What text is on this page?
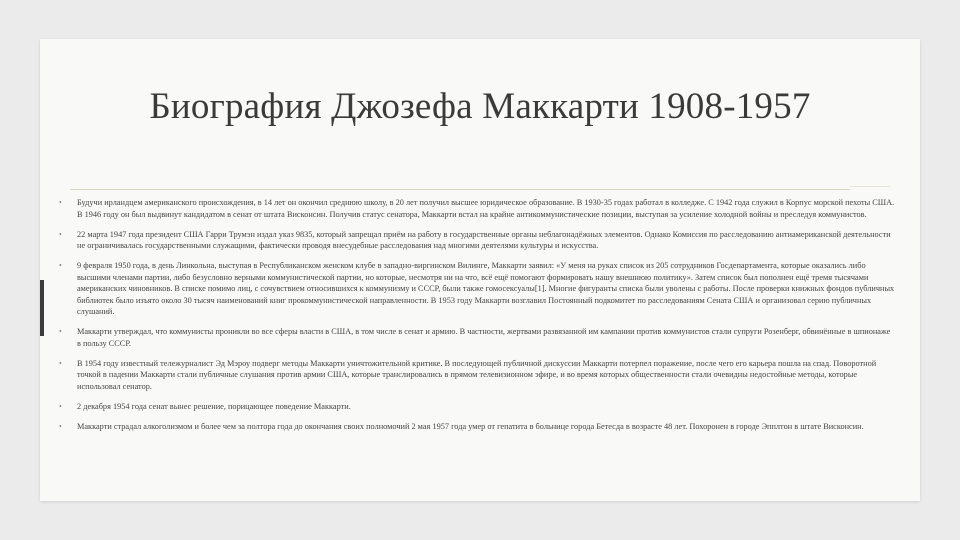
Биография Джозефа Маккарти 1908-1957
• Будучи ирландцем американского происхождения, в 14 лет он окончил среднюю школу, в 20 лет получил высшее юридическое образование. В 1930-35 годах работал в колледже. С 1942 года служил в Корпус морской пехоты США. В 1946 году он был выдвинут кандидатом в сенат от штата Висконсин. Получив статус сенатора, Маккарти встал на крайне антикоммунистические позиции, выступая за усиление холодной войны и преследуя коммунистов.
• 22 марта 1947 года президент США Гарри Трумэн издал указ 9835, который запрещал приём на работу в государственные органы неблагонадёжных элементов. Однако Комиссия по расследованию антиамериканской деятельности не ограничивалась государственными служащими, фактически проводя внесудебные расследования над многими деятелями культуры и искусства.
• 9 февраля 1950 года, в день Линкольна, выступая в Республиканском женском клубе в западно-виргинском Вилинге, Маккарти заявил: «У меня на руках список из 205 сотрудников Госдепартамента, которые оказались либо высшими членами партии, либо безусловно верными коммунистической партии, но которые, несмотря ни на что, всё ещё помогают формировать нашу внешнюю политику». Затем список был пополнен ещё тремя тысячами американских чиновников. В списке помимо лиц, с сочувствием относившихся к коммунизму и СССР, были также гомосексуалы[1]. Многие фигуранты списка были уволены с работы. После проверки книжных фондов публичных библиотек было изъято около 30 тысяч наименований книг прокоммунистической направленности. В 1953 году Маккарти возглавил Постоянный подкомитет по расследованиям Сената США и организовал серию публичных слушаний.
• Маккарти утверждал, что коммунисты проникли во все сферы власти в США, в том числе в сенат и армию. В частности, жертвами развязанной им кампании против коммунистов стали супруги Розенберг, обвинённые в шпионаже в пользу СССР.
• В 1954 году известный тележурналист Эд Мэроу подверг методы Маккарти уничтожительной критике. В последующей публичной дискуссии Маккарти потерпел поражение, после чего его карьера пошла на спад. Поворотной точкой в падении Маккарти стали публичные слушания против армии США, которые транслировались в прямом телевизионном эфире, и во время которых общественности стали очевидны недостойные методы, которые использовал сенатор.
• 2 декабря 1954 года сенат вынес решение, порицающее поведение Маккарти.
• Маккарти страдал алкоголизмом и более чем за полтора года до окончания своих полномочий 2 мая 1957 года умер от гепатита в больнице города Бетесда в возрасте 48 лет. Похоронен в городе Эпплтон в штате Висконсин.
